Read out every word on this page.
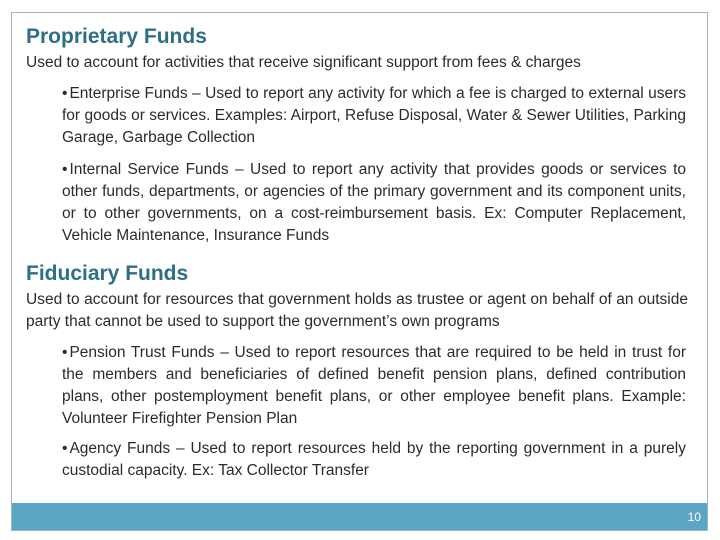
Proprietary Funds

Used to account for activities that receive significant support from fees & charges

• Enterprise Funds – Used to report any activity for which a fee is charged to external users for goods or services. Examples: Airport, Refuse Disposal, Water & Sewer Utilities, Parking Garage, Garbage Collection

• Internal Service Funds – Used to report any activity that provides goods or services to other funds, departments, or agencies of the primary government and its component units, or to other governments, on a cost-reimbursement basis. Ex: Computer Replacement, Vehicle Maintenance, Insurance Funds

Fiduciary Funds

Used to account for resources that government holds as trustee or agent on behalf of an outside party that cannot be used to support the government’s own programs

• Pension Trust Funds – Used to report resources that are required to be held in trust for the members and beneficiaries of defined benefit pension plans, defined contribution plans, other postemployment benefit plans, or other employee benefit plans. Example: Volunteer Firefighter Pension Plan

• Agency Funds – Used to report resources held by the reporting government in a purely custodial capacity. Ex: Tax Collector Transfer

10
